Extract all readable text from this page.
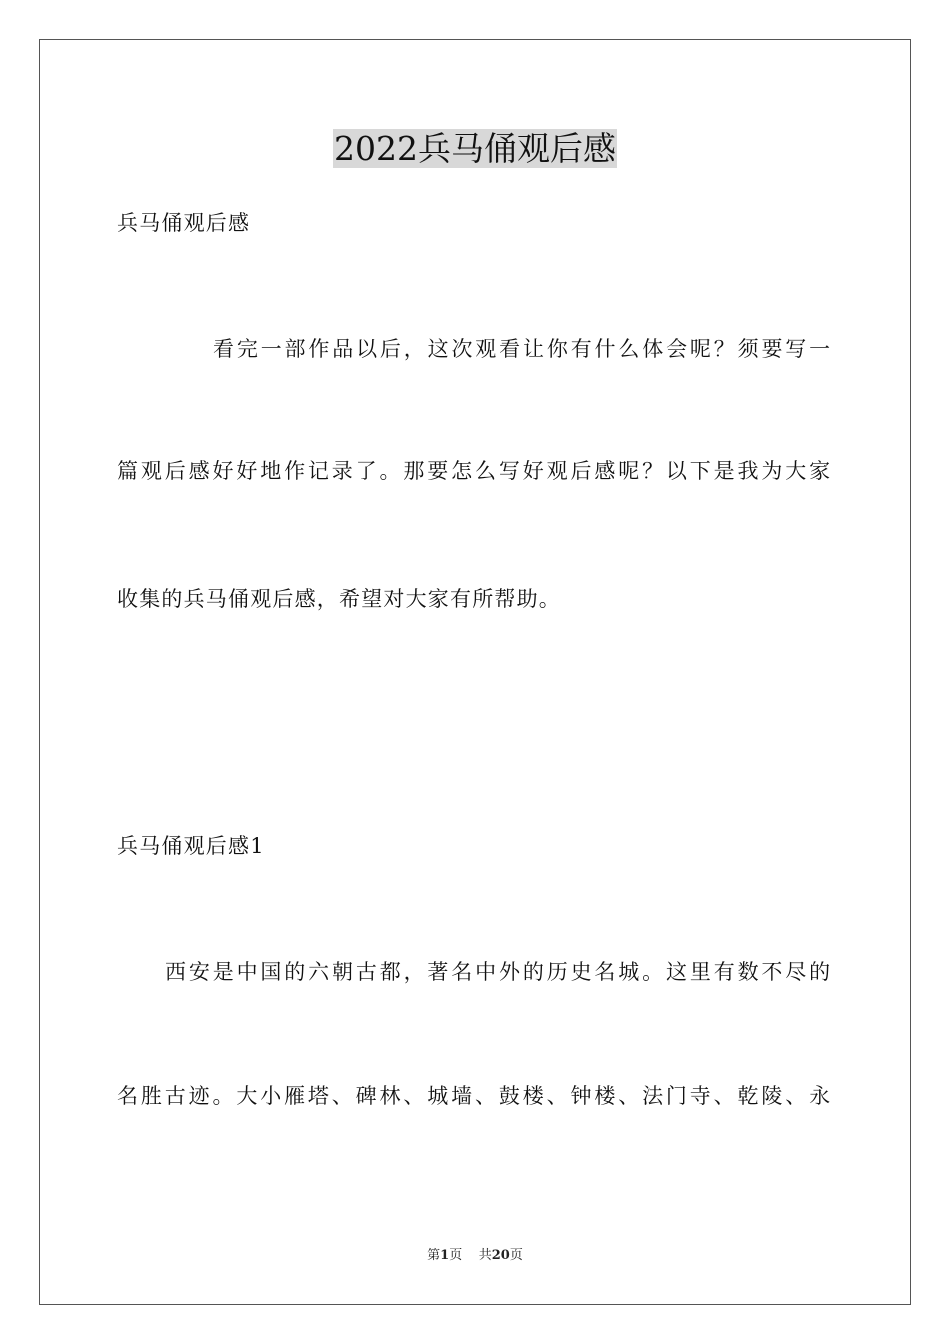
2022兵马俑观后感
兵马俑观后感
看完一部作品以后，这次观看让你有什么体会呢？须要写一
篇观后感好好地作记录了。那要怎么写好观后感呢？以下是我为大家
收集的兵马俑观后感，希望对大家有所帮助。
兵马俑观后感1
西安是中国的六朝古都，著名中外的历史名城。这里有数不尽的
名胜古迹。大小雁塔、碑林、城墙、鼓楼、钟楼、法门寺、乾陵、永
第1页 共20页
